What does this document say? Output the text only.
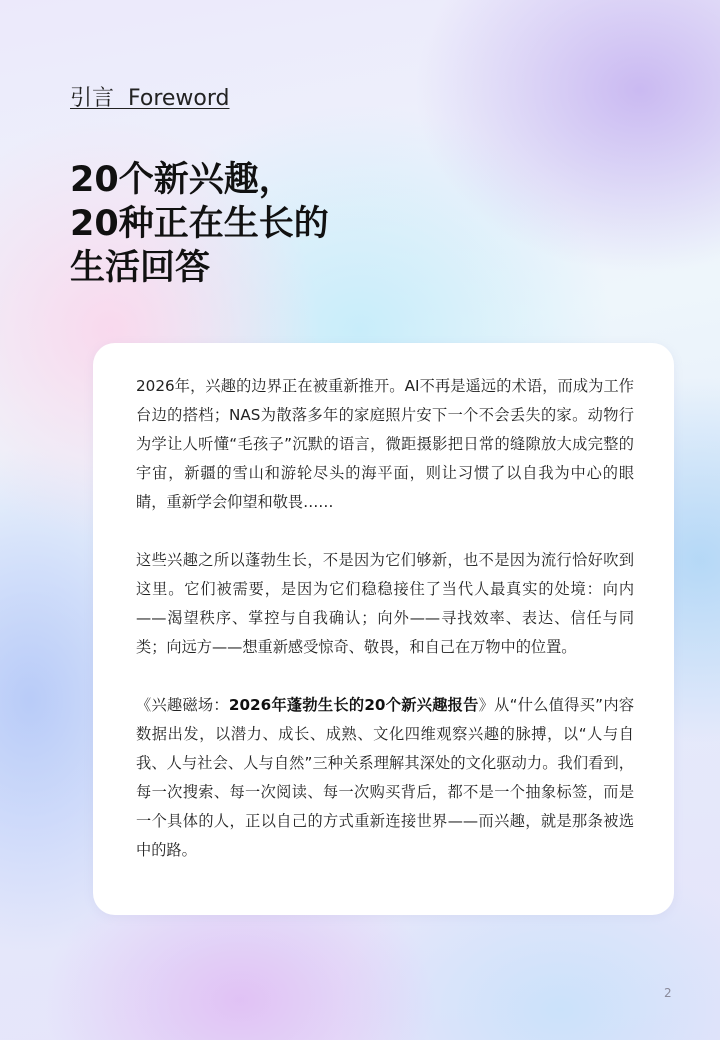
引言  Foreword
20个新兴趣，
20种正在生长的
生活回答

2026年，兴趣的边界正在被重新推开。AI不再是遥远的术语，而成为工作台边的搭档；NAS为散落多年的家庭照片安下一个不会丢失的家。动物行为学让人听懂“毛孩子”沉默的语言，微距摄影把日常的缝隙放大成完整的宇宙，新疆的雪山和游轮尽头的海平面，则让习惯了以自我为中心的眼睛，重新学会仰望和敬畏……

这些兴趣之所以蓬勃生长，不是因为它们够新，也不是因为流行恰好吹到这里。它们被需要，是因为它们稳稳接住了当代人最真实的处境：向内——渴望秩序、掌控与自我确认；向外——寻找效率、表达、信任与同类；向远方——想重新感受惊奇、敬畏，和自己在万物中的位置。

《兴趣磁场：2026年蓬勃生长的20个新兴趣报告》从“什么值得买”内容数据出发，以潜力、成长、成熟、文化四维观察兴趣的脉搏，以“人与自我、人与社会、人与自然”三种关系理解其深处的文化驱动力。我们看到，每一次搜索、每一次阅读、每一次购买背后，都不是一个抽象标签，而是一个具体的人，正以自己的方式重新连接世界——而兴趣，就是那条被选中的路。

2
